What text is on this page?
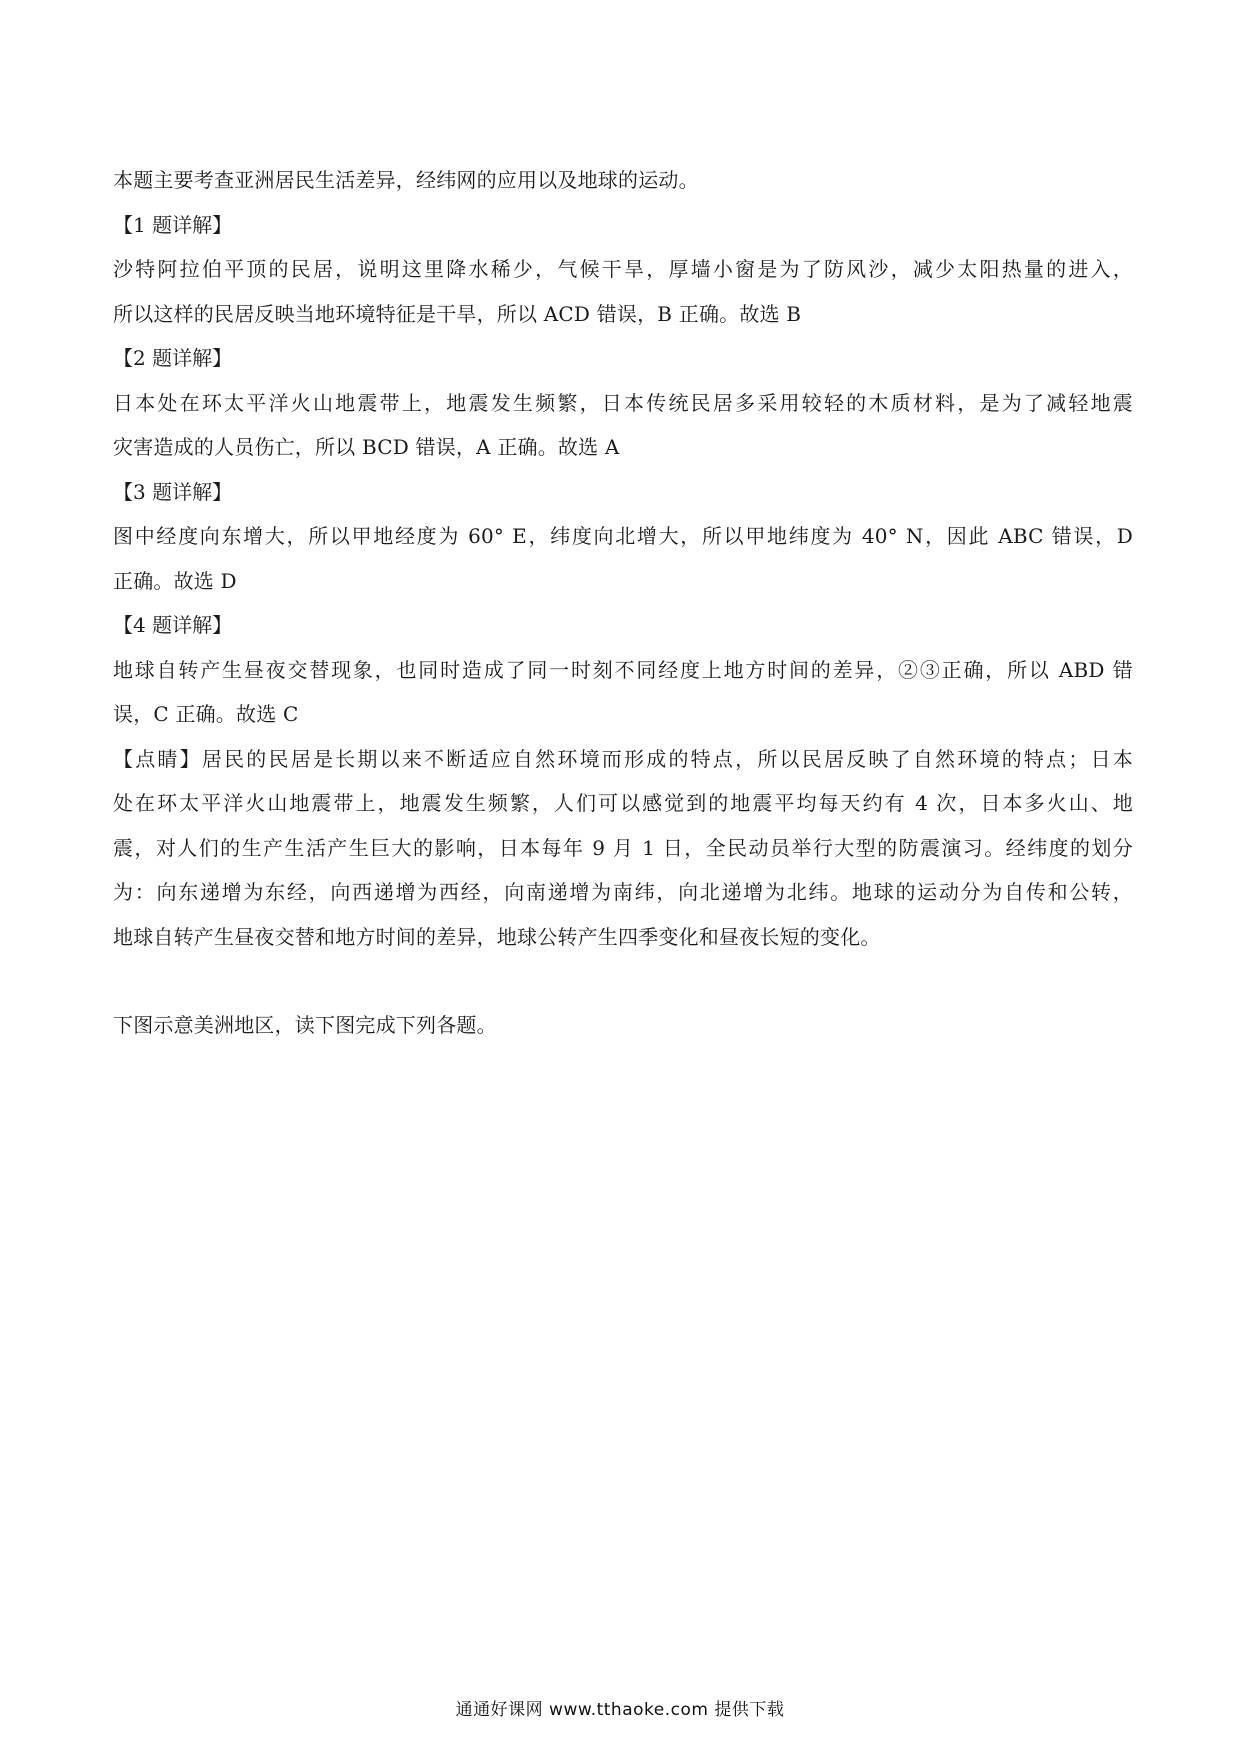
本题主要考查亚洲居民生活差异，经纬网的应用以及地球的运动。

【1 题详解】

沙特阿拉伯平顶的民居，说明这里降水稀少，气候干旱，厚墙小窗是为了防风沙，减少太阳热量的进入，

所以这样的民居反映当地环境特征是干旱，所以 ACD 错误，B 正确。故选 B

【2 题详解】

日本处在环太平洋火山地震带上，地震发生频繁，日本传统民居多采用较轻的木质材料，是为了减轻地震

灾害造成的人员伤亡，所以 BCD 错误，A 正确。故选 A

【3 题详解】

图中经度向东增大，所以甲地经度为 60° E，纬度向北增大，所以甲地纬度为 40° N，因此 ABC 错误，D

正确。故选 D

【4 题详解】

地球自转产生昼夜交替现象，也同时造成了同一时刻不同经度上地方时间的差异，②③正确，所以 ABD 错

误，C 正确。故选 C

【点睛】居民的民居是长期以来不断适应自然环境而形成的特点，所以民居反映了自然环境的特点；日本

处在环太平洋火山地震带上，地震发生频繁，人们可以感觉到的地震平均每天约有 4 次，日本多火山、地

震，对人们的生产生活产生巨大的影响，日本每年 9 月 1 日，全民动员举行大型的防震演习。经纬度的划分

为：向东递增为东经，向西递增为西经，向南递增为南纬，向北递增为北纬。地球的运动分为自传和公转，

地球自转产生昼夜交替和地方时间的差异，地球公转产生四季变化和昼夜长短的变化。

下图示意美洲地区，读下图完成下列各题。

通通好课网 www.tthaoke.com 提供下载
